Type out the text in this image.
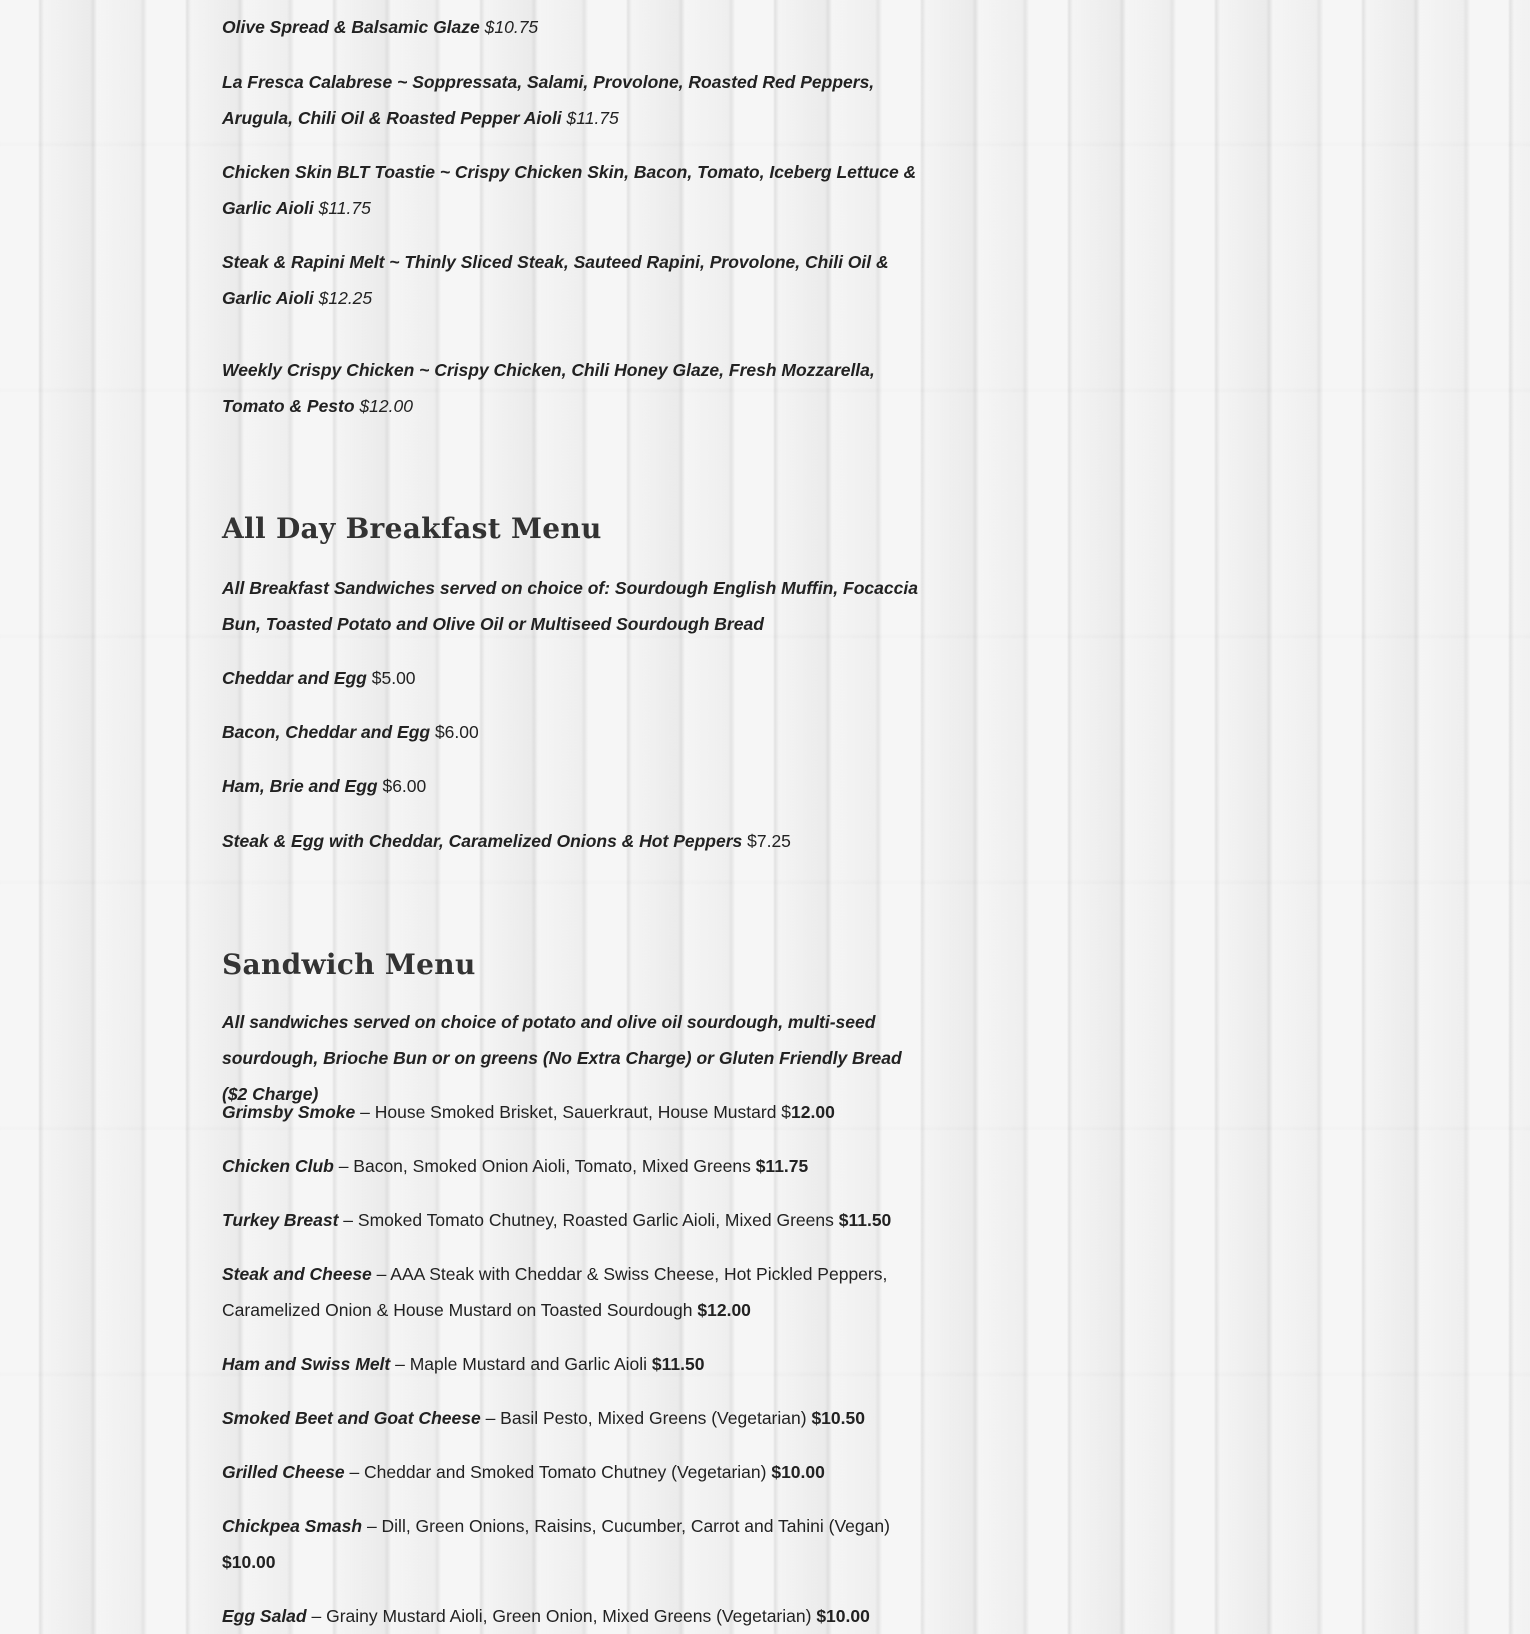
Olive Spread & Balsamic Glaze $10.75

La Fresca Calabrese ~ Soppressata, Salami, Provolone, Roasted Red Peppers, Arugula, Chili Oil & Roasted Pepper Aioli $11.75

Chicken Skin BLT Toastie ~ Crispy Chicken Skin, Bacon, Tomato, Iceberg Lettuce & Garlic Aioli $11.75

Steak & Rapini Melt ~ Thinly Sliced Steak, Sauteed Rapini, Provolone, Chili Oil & Garlic Aioli $12.25

Weekly Crispy Chicken ~ Crispy Chicken, Chili Honey Glaze, Fresh Mozzarella, Tomato & Pesto $12.00

All Day Breakfast Menu

All Breakfast Sandwiches served on choice of: Sourdough English Muffin, Focaccia Bun, Toasted Potato and Olive Oil or Multiseed Sourdough Bread

Cheddar and Egg $5.00

Bacon, Cheddar and Egg $6.00

Ham, Brie and Egg $6.00

Steak & Egg with Cheddar, Caramelized Onions & Hot Peppers $7.25

Sandwich Menu

All sandwiches served on choice of potato and olive oil sourdough, multi-seed sourdough, Brioche Bun or on greens (No Extra Charge) or Gluten Friendly Bread ($2 Charge)

Grimsby Smoke – House Smoked Brisket, Sauerkraut, House Mustard $12.00

Chicken Club – Bacon, Smoked Onion Aioli, Tomato, Mixed Greens $11.75

Turkey Breast – Smoked Tomato Chutney, Roasted Garlic Aioli, Mixed Greens $11.50

Steak and Cheese – AAA Steak with Cheddar & Swiss Cheese, Hot Pickled Peppers, Caramelized Onion & House Mustard on Toasted Sourdough $12.00

Ham and Swiss Melt – Maple Mustard and Garlic Aioli $11.50

Smoked Beet and Goat Cheese – Basil Pesto, Mixed Greens (Vegetarian) $10.50

Grilled Cheese – Cheddar and Smoked Tomato Chutney (Vegetarian) $10.00

Chickpea Smash – Dill, Green Onions, Raisins, Cucumber, Carrot and Tahini (Vegan) $10.00

Egg Salad – Grainy Mustard Aioli, Green Onion, Mixed Greens (Vegetarian) $10.00
